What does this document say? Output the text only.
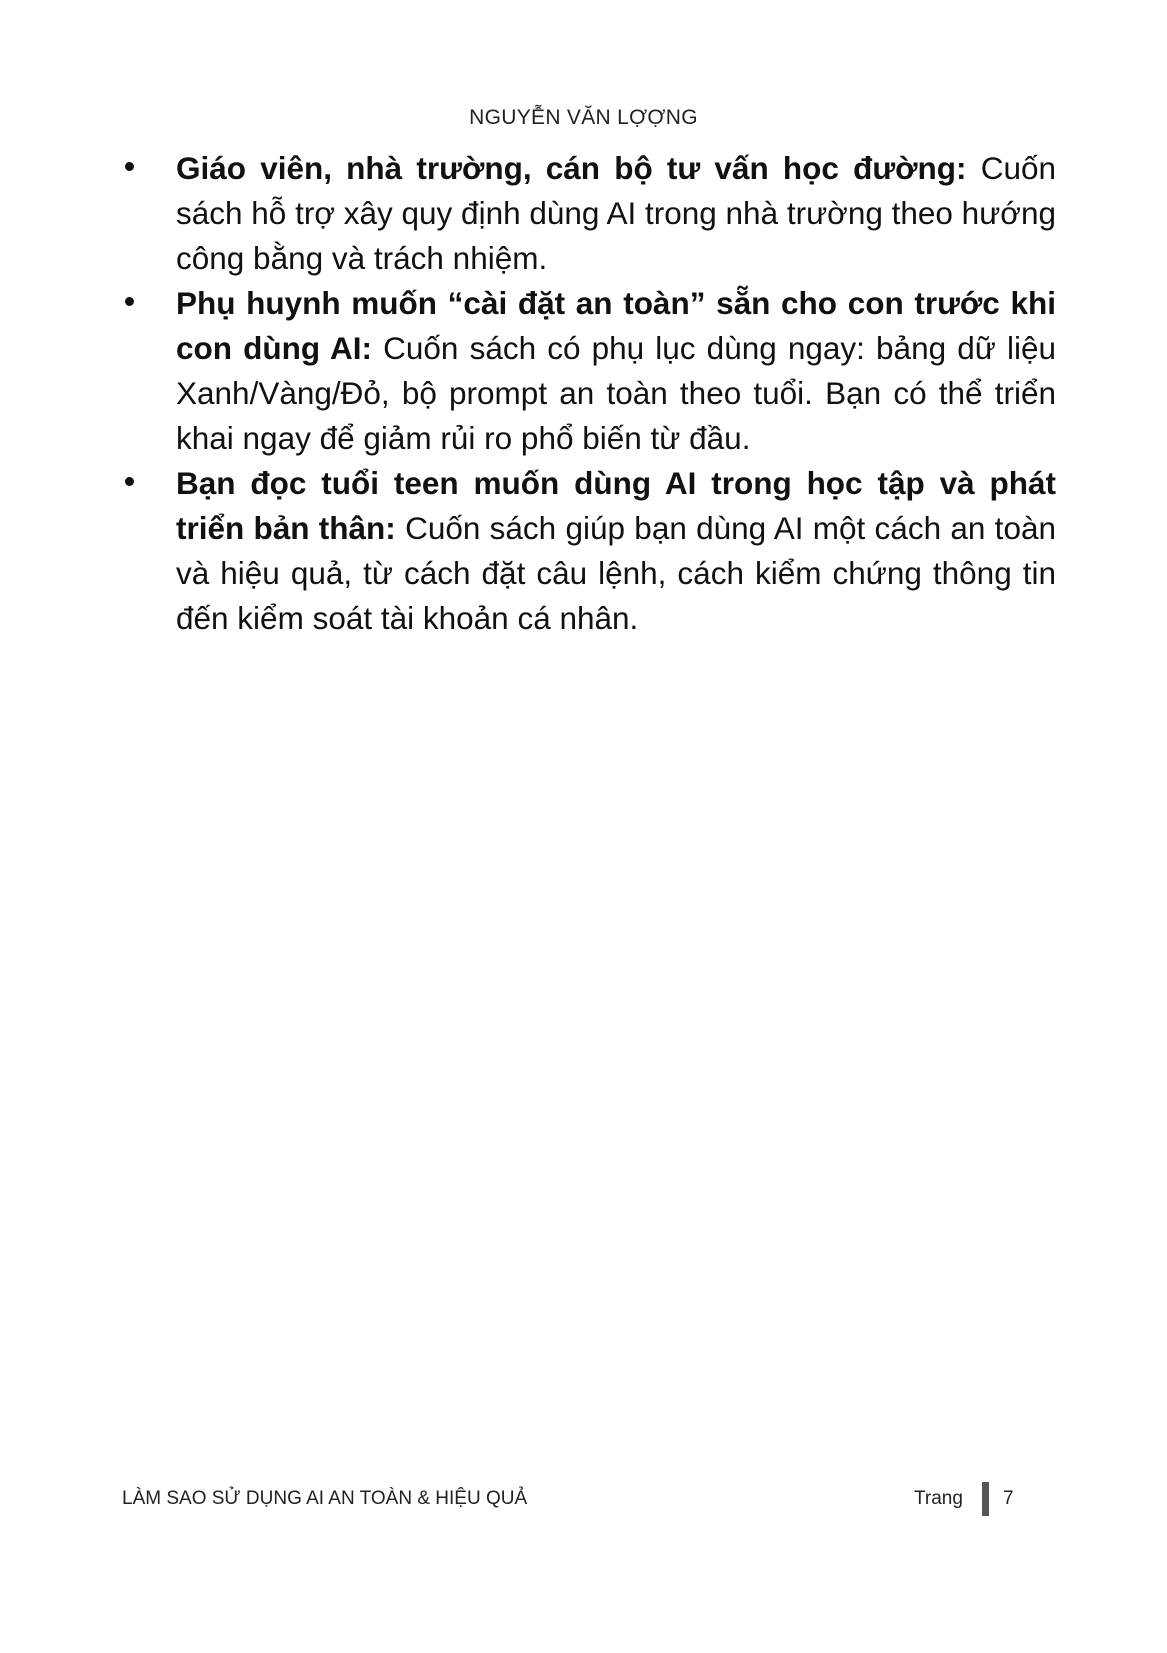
NGUYỄN VĂN LỢỢNG
Giáo viên, nhà trường, cán bộ tư vấn học đường: Cuốn sách hỗ trợ xây quy định dùng AI trong nhà trường theo hướng công bằng và trách nhiệm.
Phụ huynh muốn “cài đặt an toàn” sẵn cho con trước khi con dùng AI: Cuốn sách có phụ lục dùng ngay: bảng dữ liệu Xanh/Vàng/Đỏ, bộ prompt an toàn theo tuổi. Bạn có thể triển khai ngay để giảm rủi ro phổ biến từ đầu.
Bạn đọc tuổi teen muốn dùng AI trong học tập và phát triển bản thân: Cuốn sách giúp bạn dùng AI một cách an toàn và hiệu quả, từ cách đặt câu lệnh, cách kiểm chứng thông tin đến kiểm soát tài khoản cá nhân.
LÀM SAO SỬ DỤNG AI AN TOÀN & HIỆU QUẢ	Trang 7
